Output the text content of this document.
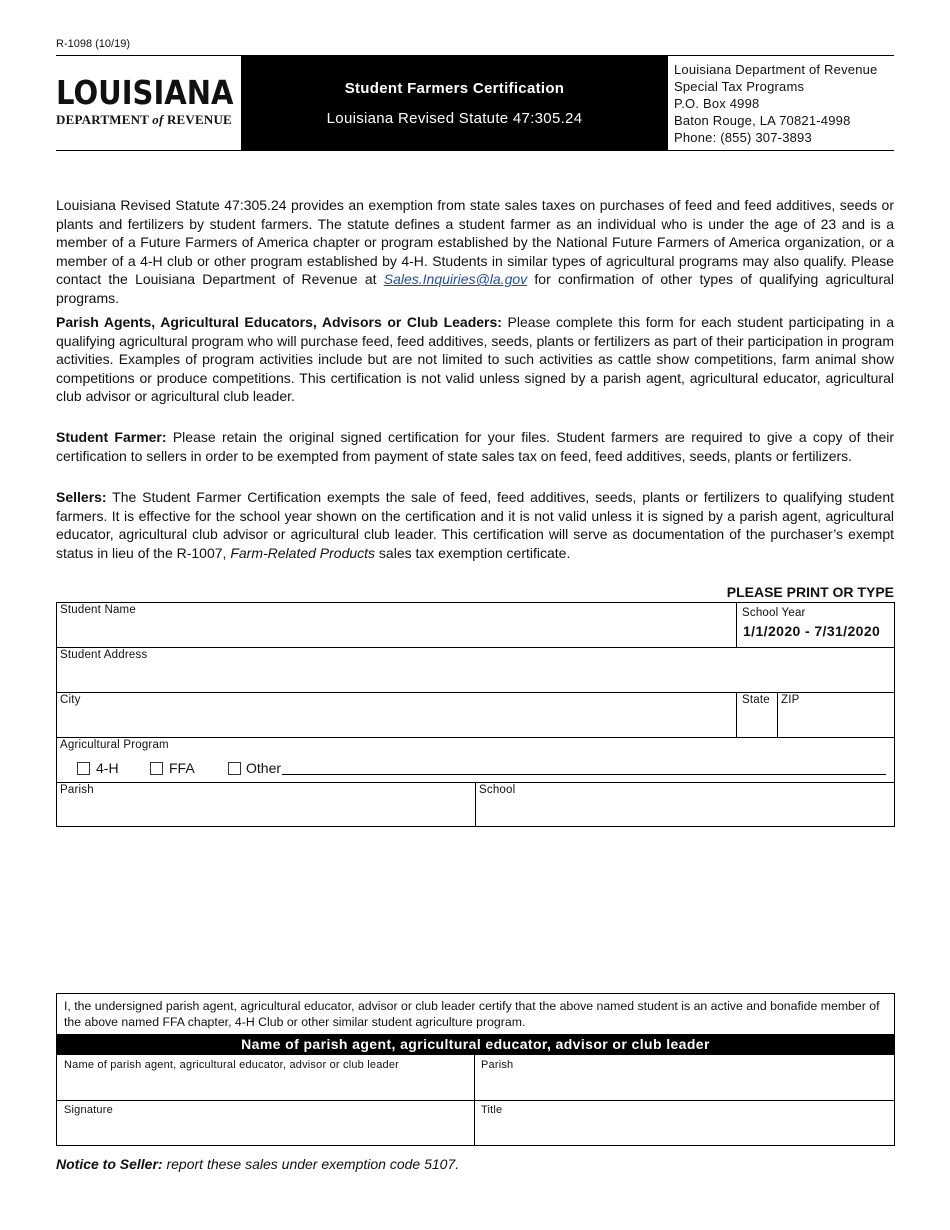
R-1098 (10/19)
LOUISIANA
DEPARTMENT of REVENUE
Student Farmers Certification
Louisiana Revised Statute 47:305.24
Louisiana Department of Revenue
Special Tax Programs
P.O. Box 4998
Baton Rouge, LA 70821-4998
Phone: (855) 307-3893
Louisiana Revised Statute 47:305.24 provides an exemption from state sales taxes on purchases of feed and feed additives, seeds or plants and fertilizers by student farmers. The statute defines a student farmer as an individual who is under the age of 23 and is a member of a Future Farmers of America chapter or program established by the National Future Farmers of America organization, or a member of a 4-H club or other program established by 4-H. Students in similar types of agricultural programs may also qualify. Please contact the Louisiana Department of Revenue at Sales.Inquiries@la.gov for confirmation of other types of qualifying agricultural programs.
Parish Agents, Agricultural Educators, Advisors or Club Leaders: Please complete this form for each student participating in a qualifying agricultural program who will purchase feed, feed additives, seeds, plants or fertilizers as part of their participation in program activities. Examples of program activities include but are not limited to such activities as cattle show competitions, farm animal show competitions or produce competitions. This certification is not valid unless signed by a parish agent, agricultural educator, agricultural club advisor or agricultural club leader.
Student Farmer: Please retain the original signed certification for your files. Student farmers are required to give a copy of their certification to sellers in order to be exempted from payment of state sales tax on feed, feed additives, seeds, plants or fertilizers.
Sellers: The Student Farmer Certification exempts the sale of feed, feed additives, seeds, plants or fertilizers to qualifying student farmers. It is effective for the school year shown on the certification and it is not valid unless it is signed by a parish agent, agricultural educator, agricultural club advisor or agricultural club leader. This certification will serve as documentation of the purchaser’s exempt status in lieu of the R-1007, Farm-Related Products sales tax exemption certificate.
PLEASE PRINT OR TYPE
Student Name	School Year
1/1/2020 - 7/31/2020
Student Address
City	State ZIP
Agricultural Program
4-H	FFA	Other
Parish	School
I, the undersigned parish agent, agricultural educator, advisor or club leader certify that the above named student is an active and bonafide member of the above named FFA chapter, 4-H Club or other similar student agriculture program.
Name of parish agent, agricultural educator, advisor or club leader
Name of parish agent, agricultural educator, advisor or club leader	Parish
Signature	Title
Notice to Seller: report these sales under exemption code 5107.
